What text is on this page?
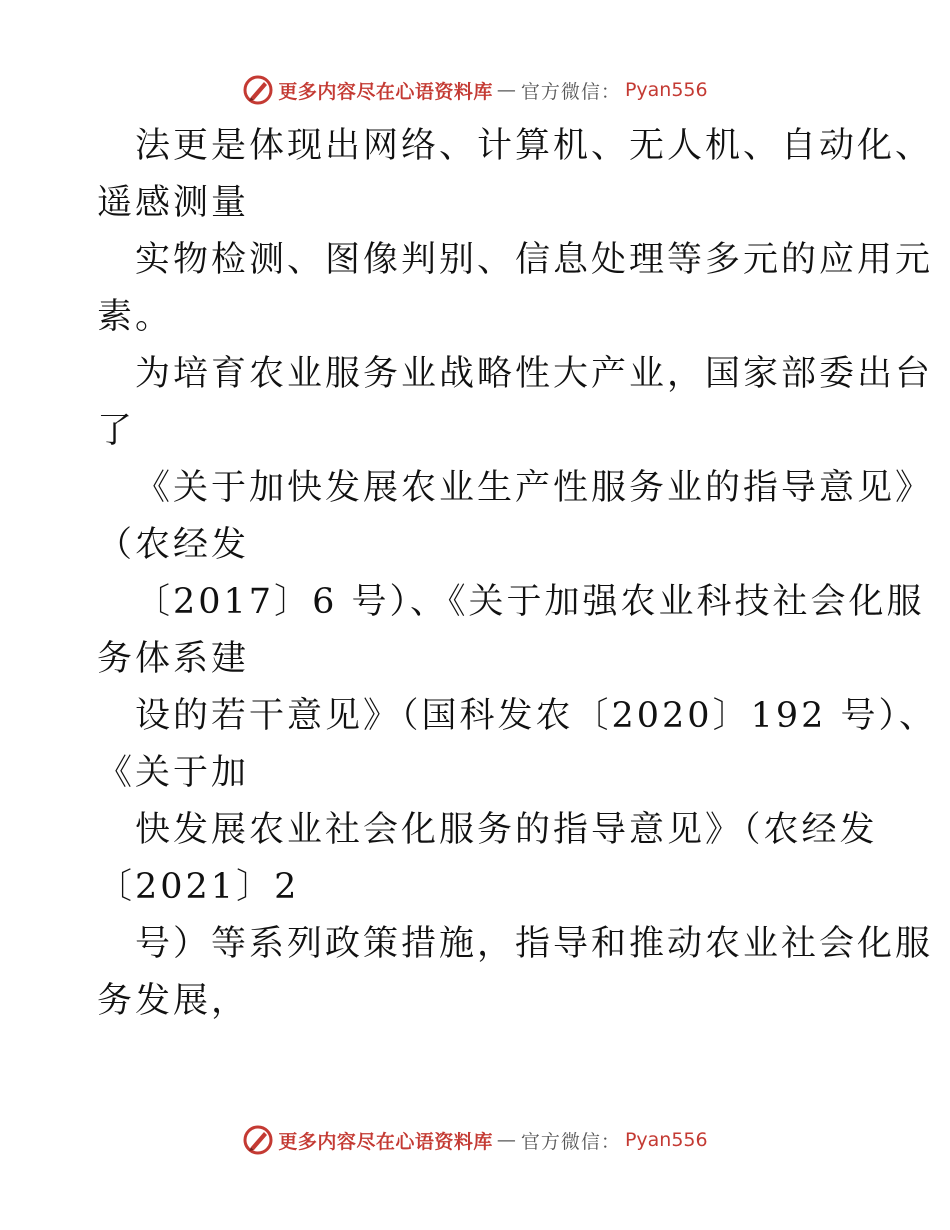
更多内容尽在心语资料库 — 官方微信： Pyan556
法更是体现出网络、计算机、无人机、自动化、
遥感测量
实物检测、图像判别、信息处理等多元的应用元
素。
为培育农业服务业战略性大产业，国家部委出台
了
《关于加快发展农业生产性服务业的指导意见》
（农经发
〔2017〕6 号）、《关于加强农业科技社会化服
务体系建
设的若干意见》（国科发农〔2020〕192 号）、
《关于加
快发展农业社会化服务的指导意见》（农经发
〔2021〕2
号）等系列政策措施，指导和推动农业社会化服
务发展，
更多内容尽在心语资料库 — 官方微信： Pyan556
